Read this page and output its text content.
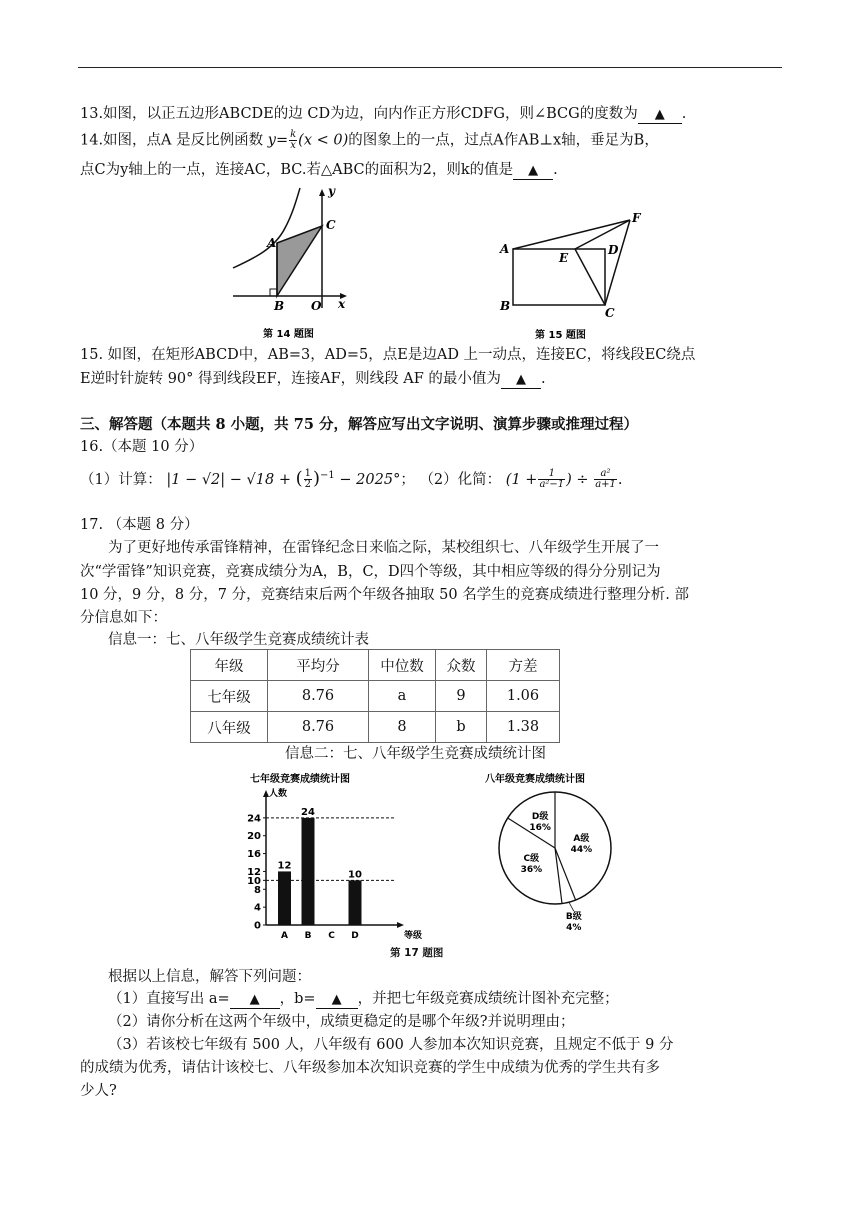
13.如图，以正五边形ABCDE的边 CD为边，向内作正方形CDFG，则∠BCG的度数为 ▲ .
14.如图，点A 是反比例函数 $y= \frac{k}{x} (x < 0)$的图象上的一点，过点A作AB⊥x轴，垂足为B，
点C为y轴上的一点，连接AC，BC.若△ABC的面积为2，则k的值是 ▲ .
y
x
A
B
C
O
第 14 题图
A
B	C
D
E
F
第 15 题图
15. 如图，在矩形ABCD中，AB=3，AD=5，点E是边AD 上一动点，连接EC，将线段EC绕点
E逆时针旋转 90° 得到线段EF，连接AF，则线段 AF 的最小值为 ▲ .
三、解答题（本题共 8 小题，共 75 分，解答应写出文字说明、演算步骤或推理过程）
16.（本题 10 分）
（1）计算： |1 − √2| − √18 + ( $\frac{1}{2} )^{-1} - 2025^\circ$； （2）化简： ($1 + \frac{1}{\text{a²−1}}$ ) ÷ $\frac{\text{a²}}{a+1}$ .
17. （本题 8 分）
为了更好地传承雷锋精神，在雷锋纪念日来临之际，某校组织七、八年级学生开展了一
次“学雷锋”知识竞赛，竞赛成绩分为A，B，C，D四个等级，其中相应等级的得分分别记为
10 分，9 分，8 分，7 分，竞赛结束后两个年级各抽取 50 名学生的竞赛成绩进行整理分析. 部
分信息如下：
信息一：七、八年级学生竞赛成绩统计表
年级	平均分	中位数	众数	方差
七年级	8.76	a	9	1.06
八年级	8.76	8	b	1.38
信息二：七、八年级学生竞赛成绩统计图
七年级竞赛成绩统计图
人数
等级
0
4
8
10
12
16
20
24
12
A
24
B C
10
D
八年级竞赛成绩统计图
A级
44%
B级
4%
C级
36%
D级
16%
第 17 题图
根据以上信息，解答下列问题：
（1）直接写出 a= ▲ ，b= ▲ ，并把七年级竞赛成绩统计图补充完整；
（2）请你分析在这两个年级中，成绩更稳定的是哪个年级?并说明理由；
（3）若该校七年级有 500 人，八年级有 600 人参加本次知识竞赛，且规定不低于 9 分
的成绩为优秀，请估计该校七、八年级参加本次知识竞赛的学生中成绩为优秀的学生共有多
少人?
